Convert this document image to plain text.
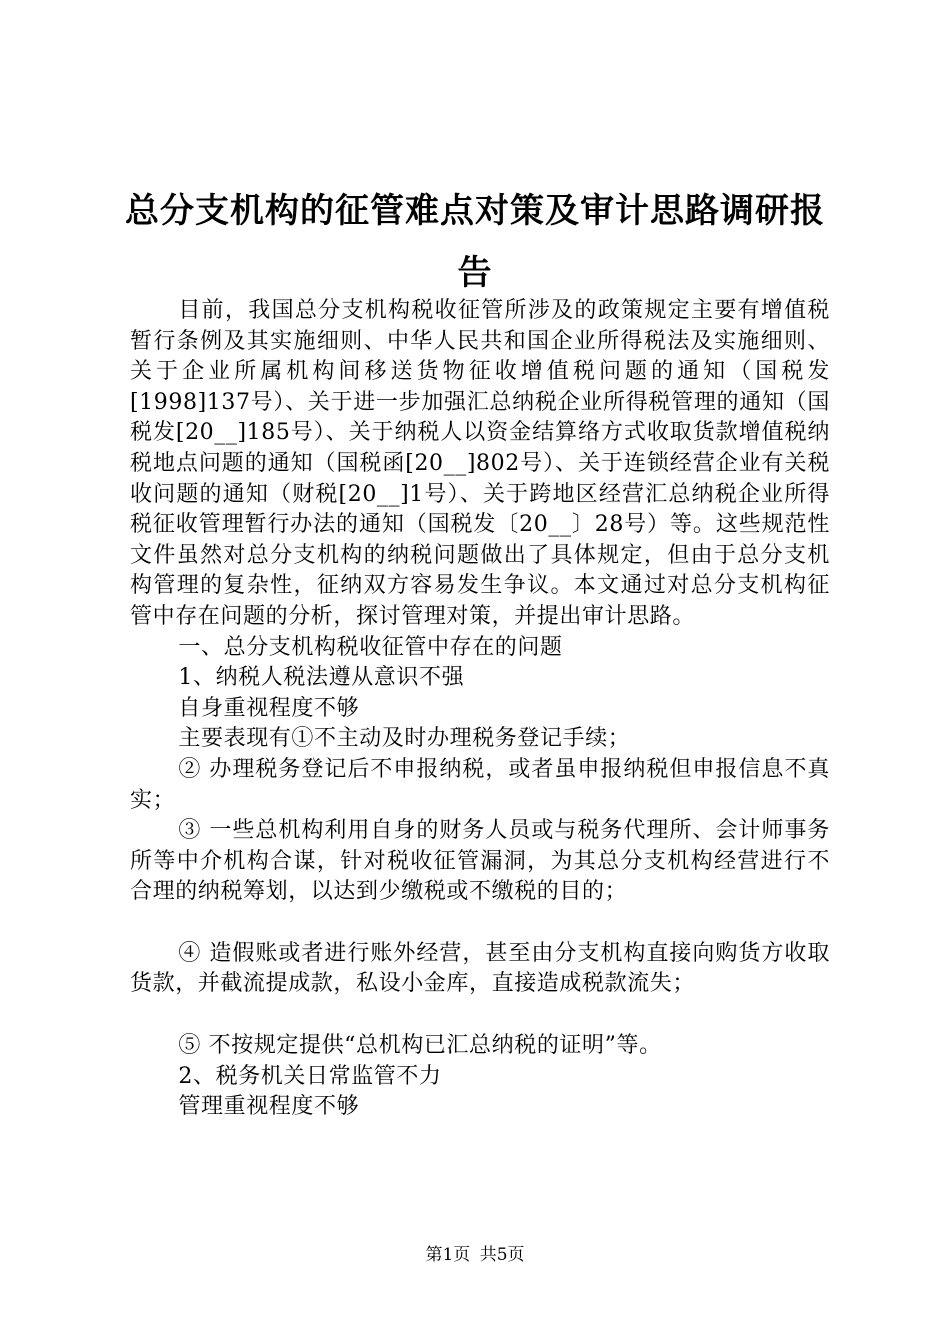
总分支机构的征管难点对策及审计思路调研报告

目前，我国总分支机构税收征管所涉及的政策规定主要有增值税暂行条例及其实施细则、中华人民共和国企业所得税法及实施细则、关于企业所属机构间移送货物征收增值税问题的通知（国税发[1998]137号）、关于进一步加强汇总纳税企业所得税管理的通知（国税发[20__]185号）、关于纳税人以资金结算络方式收取货款增值税纳税地点问题的通知（国税函[20__]802号）、关于连锁经营企业有关税收问题的通知（财税[20__]1号）、关于跨地区经营汇总纳税企业所得税征收管理暂行办法的通知（国税发〔20__〕28号）等。这些规范性文件虽然对总分支机构的纳税问题做出了具体规定，但由于总分支机构管理的复杂性，征纳双方容易发生争议。本文通过对总分支机构征管中存在问题的分析，探讨管理对策，并提出审计思路。

一、总分支机构税收征管中存在的问题

1、纳税人税法遵从意识不强

自身重视程度不够

主要表现有①不主动及时办理税务登记手续；

② 办理税务登记后不申报纳税，或者虽申报纳税但申报信息不真实；

③ 一些总机构利用自身的财务人员或与税务代理所、会计师事务所等中介机构合谋，针对税收征管漏洞，为其总分支机构经营进行不合理的纳税筹划，以达到少缴税或不缴税的目的；

④ 造假账或者进行账外经营，甚至由分支机构直接向购货方收取货款，并截流提成款，私设小金库，直接造成税款流失；

⑤ 不按规定提供“总机构已汇总纳税的证明”等。

2、税务机关日常监管不力

管理重视程度不够

第1页 共5页
